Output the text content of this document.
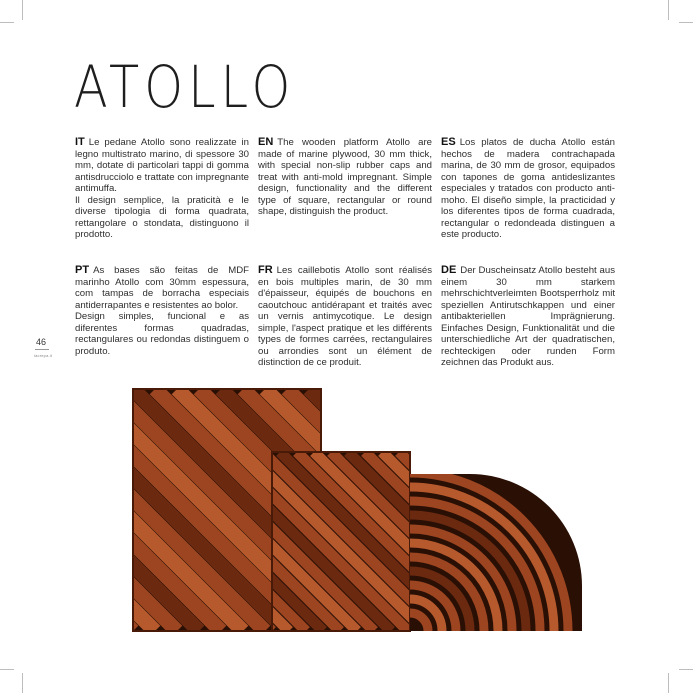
ATOLLO

IT Le pedane Atollo sono realizzate in legno multistrato marino, di spessore 30 mm, dotate di particolari tappi di gomma antisdrucciolo e trattate con impregnante antimuffa.

Il design semplice, la praticità e le diverse tipologia di forma quadrata, rettangolare o stondata, distinguono il prodotto.

EN The wooden platform Atollo are made of marine plywood, 30 mm thick, with special non-slip rubber caps and treat with anti-mold impregnant. Simple design, functionality and the different type of square, rectangular or round shape, distinguish the product.

ES Los platos de ducha Atollo están hechos de madera contrachapada marina, de 30 mm de grosor, equipados con tapones de goma antideslizantes especiales y tratados con producto anti-moho. El diseño simple, la practicidad y los diferentes tipos de forma cuadrada, rectangular o redondeada distinguen a este producto.

PT As bases são feitas de MDF marinho Atollo com 30mm espessura, com tampas de borracha especiais antiderrapantes e resistentes ao bolor.

Design simples, funcional e as diferentes formas quadradas, rectangulares ou redondas distinguem o produto.

FR Les caillebotis Atollo sont réalisés en bois multiples marin, de 30 mm d'épaisseur, équipés de bouchons en caoutchouc antidérapant et traités avec un vernis antimycotique. Le design simple, l'aspect pratique et les différents types de formes carrées, rectangulaires ou arrondies sont un élément de distinction de ce produit.

DE Der Duscheinsatz Atollo besteht aus einem 30 mm starkem mehrschichtverleimten Bootsperrholz mit speziellen Antirutschkappen und einer antibakteriellen Imprägnierung. Einfaches Design, Funktionalität und die unterschiedliche Art der quadratischen, rechteckigen oder runden Form zeichnen das Produkt aus.

46
lacrepa.it
